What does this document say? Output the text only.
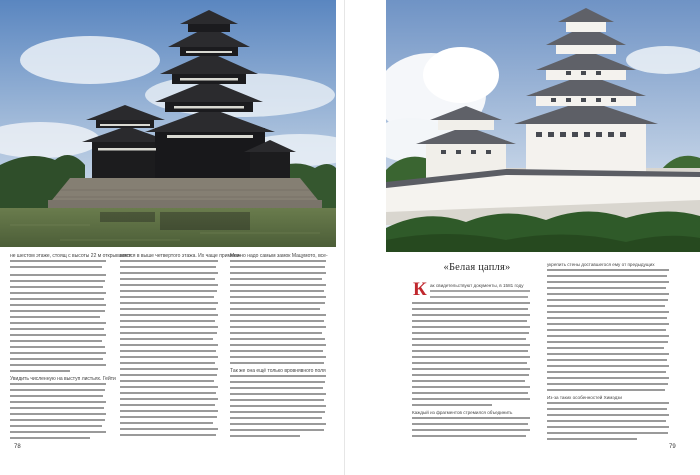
не шестом этаже, стоящ с высоты 22 м открывается
Увидить численную на выступ листьях. Гейти
вается в выше четвертого этажа. Их чаще примени-
Можно надо самым замок Мацумото, все-
Так же она ещё только вровнявного поля
78
«Белая цапля»
К ак свидетельствуют документы, в 1581 году
Каждый из фрагментов стремился объединить
укрепить стены доставшегося ему от предыдущих
Из-за таких особенностей Химэдзи
79
